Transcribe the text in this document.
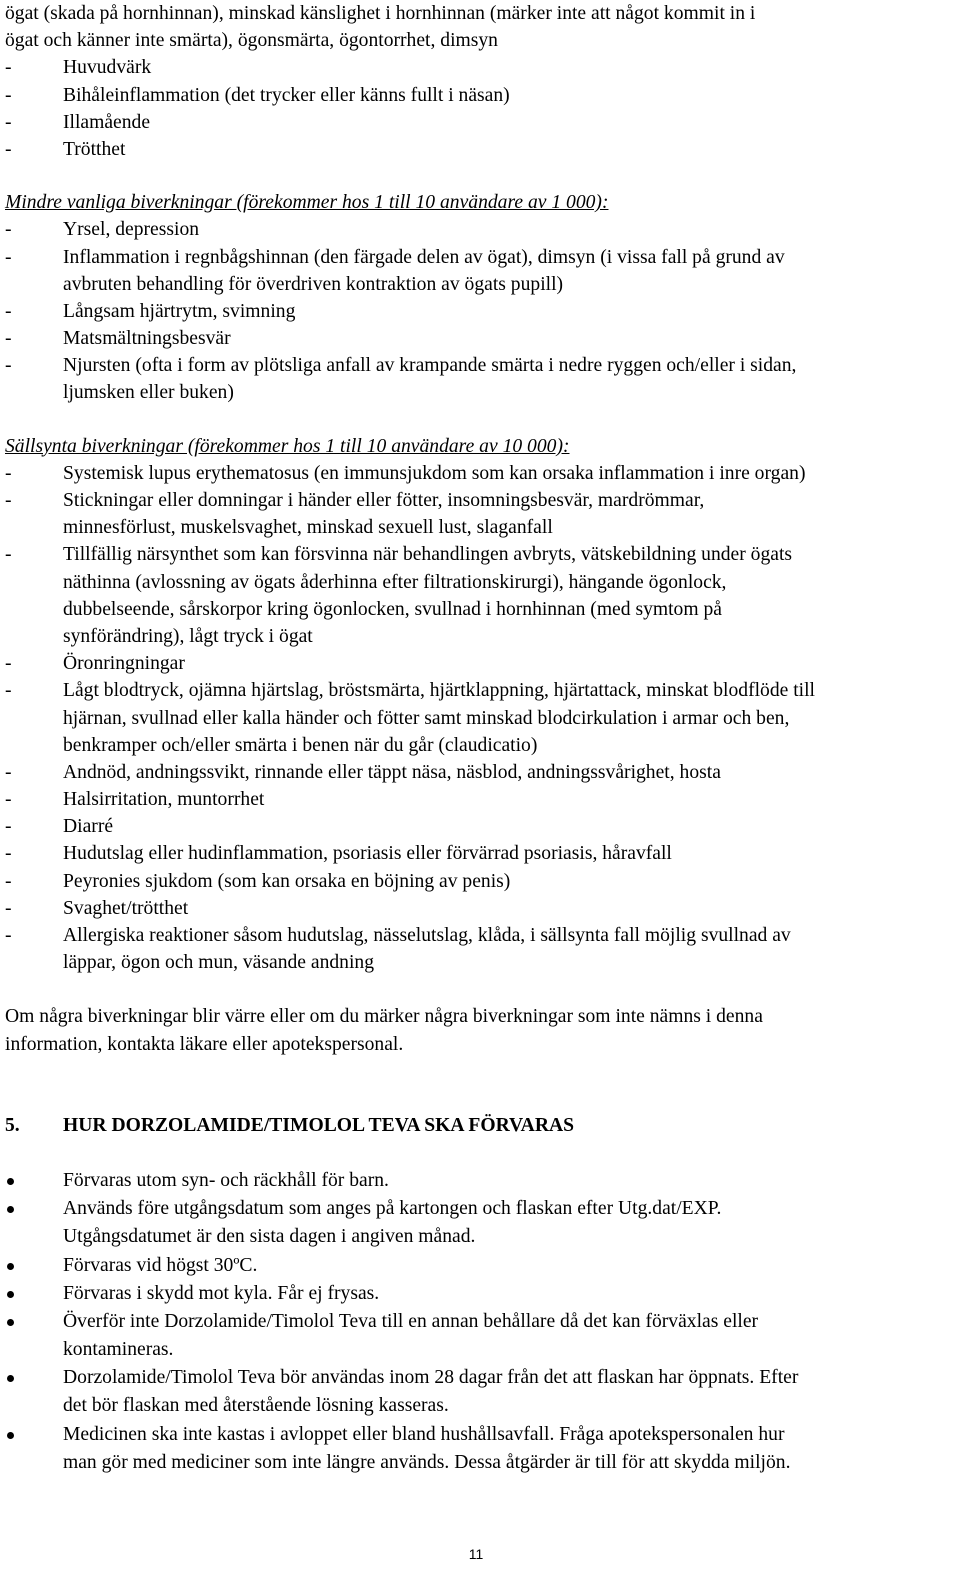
ögat (skada på hornhinnan), minskad känslighet i hornhinnan (märker inte att något kommit in i
ögat och känner inte smärta), ögonsmärta, ögontorrhet, dimsyn
-	Huvudvärk
-	Bihåleinflammation (det trycker eller känns fullt i näsan)
-	Illamående
-	Trötthet
Mindre vanliga biverkningar (förekommer hos 1 till 10 användare av 1 000):
-	Yrsel, depression
-	Inflammation i regnbågshinnan (den färgade delen av ögat), dimsyn (i vissa fall på grund av
avbruten behandling för överdriven kontraktion av ögats pupill)
-	Långsam hjärtrytm, svimning
-	Matsmältningsbesvär
-	Njursten (ofta i form av plötsliga anfall av krampande smärta i nedre ryggen och/eller i sidan,
ljumsken eller buken)
Sällsynta biverkningar (förekommer hos 1 till 10 användare av 10 000):
-	Systemisk lupus erythematosus (en immunsjukdom som kan orsaka inflammation i inre organ)
-	Stickningar eller domningar i händer eller fötter, insomningsbesvär, mardrömmar,
minnesförlust, muskelsvaghet, minskad sexuell lust, slaganfall
-	Tillfällig närsynthet som kan försvinna när behandlingen avbryts, vätskebildning under ögats
näthinna (avlossning av ögats åderhinna efter filtrationskirurgi), hängande ögonlock,
dubbelseende, sårskorpor kring ögonlocken, svullnad i hornhinnan (med symtom på
synförändring), lågt tryck i ögat
-	Öronringningar
-	Lågt blodtryck, ojämna hjärtslag, bröstsmärta, hjärtklappning, hjärtattack, minskat blodflöde till
hjärnan, svullnad eller kalla händer och fötter samt minskad blodcirkulation i armar och ben,
benkramper och/eller smärta i benen när du går (claudicatio)
-	Andnöd, andningssvikt, rinnande eller täppt näsa, näsblod, andningssvårighet, hosta
-	Halsirritation, muntorrhet
-	Diarré
-	Hudutslag eller hudinflammation, psoriasis eller förvärrad psoriasis, håravfall
-	Peyronies sjukdom (som kan orsaka en böjning av penis)
-	Svaghet/trötthet
-	Allergiska reaktioner såsom hudutslag, nässelutslag, klåda, i sällsynta fall möjlig svullnad av
läppar, ögon och mun, väsande andning
Om några biverkningar blir värre eller om du märker några biverkningar som inte nämns i denna
information, kontakta läkare eller apotekspersonal.
5. HUR DORZOLAMIDE/TIMOLOL TEVA SKA FÖRVARAS
Förvaras utom syn- och räckhåll för barn.
Används före utgångsdatum som anges på kartongen och flaskan efter Utg.dat/EXP.
Utgångsdatumet är den sista dagen i angiven månad.
Förvaras vid högst 30ºC.
Förvaras i skydd mot kyla. Får ej frysas.
Överför inte Dorzolamide/Timolol Teva till en annan behållare då det kan förväxlas eller
kontamineras.
Dorzolamide/Timolol Teva bör användas inom 28 dagar från det att flaskan har öppnats. Efter
det bör flaskan med återstående lösning kasseras.
Medicinen ska inte kastas i avloppet eller bland hushållsavfall. Fråga apotekspersonalen hur
man gör med mediciner som inte längre används. Dessa åtgärder är till för att skydda miljön.
11
